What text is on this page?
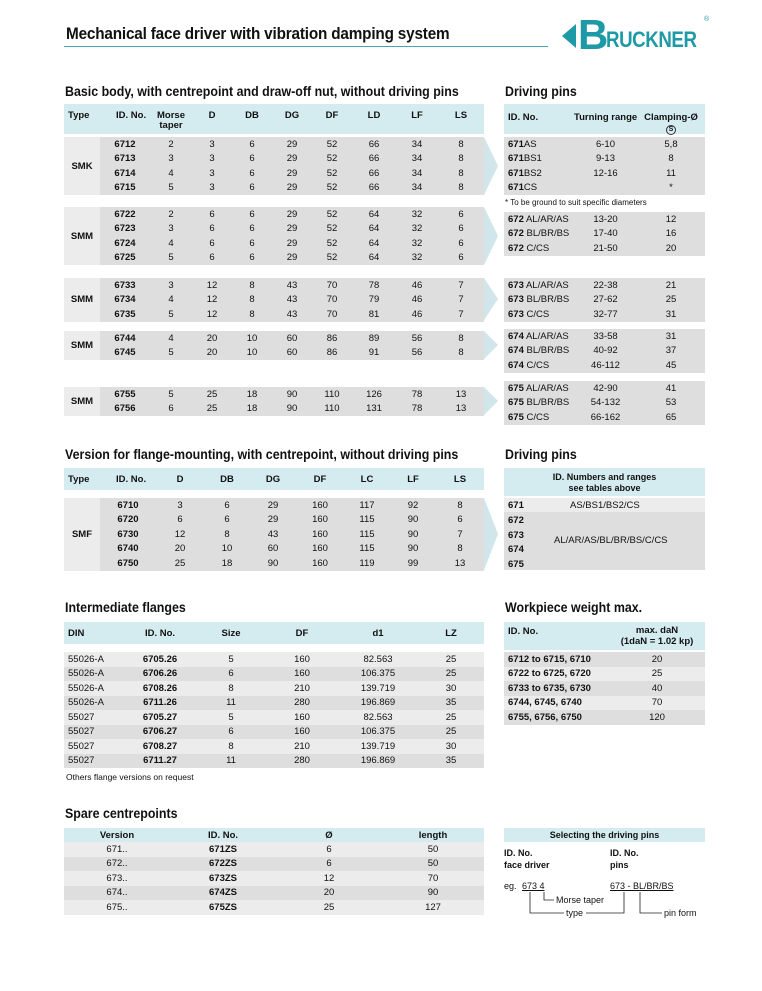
Mechanical face driver with vibration damping system	B
RUCKNER
®
Basic body, with centrepoint and draw-off nut, without driving pins
Type	ID. No.	Morse taper	D	DB	DG	DF	LD	LF	LS
SMK
6712	2	3	6	29	52	66	34	8
6713	3	3	6	29	52	66	34	8
6714	4	3	6	29	52	66	34	8
6715	5	3	6	29	52	66	34	8
SMM
6722	2	6	6	29	52	64	32	6
6723	3	6	6	29	52	64	32	6
6724	4	6	6	29	52	64	32	6
6725	5	6	6	29	52	64	32	6
SMM
6733	3	12	8	43	70	78	46	7
6734	4	12	8	43	70	79	46	7
6735	5	12	8	43	70	81	46	7
SMM
6744	4	20	10	60	86	89	56	8
6745	5	20	10	60	86	91	56	8
SMM
6755	5	25	18	90	110	126	78	13
6756	6	25	18	90	110	131	78	13
Driving pins
ID. No.	Turning range	Clamping-Ø
S
671AS	6-10	5,8
671BS1	9-13	8
671BS2	12-16	11
671CS		*
672 AL/AR/AS	13-20	12
672 BL/BR/BS	17-40	16
672 C/CS	21-50	20
673 AL/AR/AS	22-38	21
673 BL/BR/BS	27-62	25
673 C/CS	32-77	31
674 AL/AR/AS	33-58	31
674 BL/BR/BS	40-92	37
674 C/CS	46-112	45
675 AL/AR/AS	42-90	41
675 BL/BR/BS	54-132	53
675 C/CS	66-162	65
* To be ground to suit specific diameters
Version for flange-mounting, with centrepoint, without driving pins
Type	ID. No.	D	DB	DG	DF	LC	LF	LS
SMF
6710	3	6	29	160	117	92	8
6720	6	6	29	160	115	90	6
6730	12	8	43	160	115	90	7
6740	20	10	60	160	115	90	8
6750	25	18	90	160	119	99	13
Driving pins
ID. Numbers and ranges see tables above
671	AS/BS1/BS2/CS
672
673
674
675
AL/AR/AS/BL/BR/BS/C/CS
Intermediate flanges
DIN	ID. No.	Size	DF	d1	LZ

55026-A	6705.26	5	160	82.563	25
55026-A	6706.26	6	160	106.375	25
55026-A	6708.26	8	210	139.719	30
55026-A	6711.26	11	280	196.869	35
55027	6705.27	5	160	82.563	25
55027	6706.27	6	160	106.375	25
55027	6708.27	8	210	139.719	30
55027	6711.27	11	280	196.869	35
Others flange versions on request
Workpiece weight max.
ID. No.	max. daN
(1daN = 1.02 kp)

6712 to 6715, 6710	20
6722 to 6725, 6720	25
6733 to 6735, 6730	40
6744, 6745, 6740	70
6755, 6756, 6750	120
Spare centrepoints
Version	ID. No.	Ø	length
671..	671ZS	6	50
672..	672ZS	6	50
673..	673ZS	12	70
674..	674ZS	20	90
675..	675ZS	25	127
Selecting the driving pins
ID. No.
face driver
ID. No.
pins
eg. 673 4	673 - BL/BR/BS
Morse taper
type	pin form
